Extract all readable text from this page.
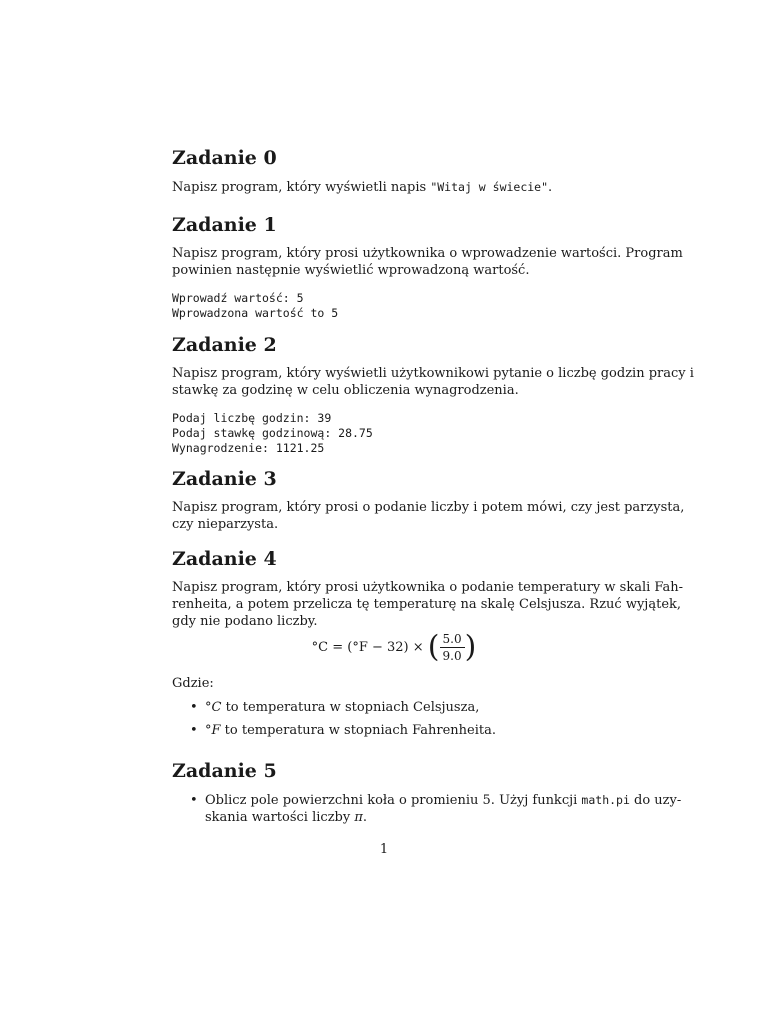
Zadanie 0

Napisz program, który wyświetli napis "Witaj w świecie".

Zadanie 1
Napisz program, który prosi użytkownika o wprowadzenie wartości. Program
powinien następnie wyświetlić wprowadzoną wartość.
Wprowadź wartość: 5
Wprowadzona wartość to 5
Zadanie 2
Napisz program, który wyświetli użytkownikowi pytanie o liczbę godzin pracy i
stawkę za godzinę w celu obliczenia wynagrodzenia.
Podaj liczbę godzin: 39
Podaj stawkę godzinową: 28.75
Wynagrodzenie: 1121.25
Zadanie 3
Napisz program, który prosi o podanie liczby i potem mówi, czy jest parzysta,
czy nieparzysta.
Zadanie 4
Napisz program, który prosi użytkownika o podanie temperatury w skali Fah-
renheita, a potem przelicza tę temperaturę na skalę Celsjusza. Rzuć wyjątek,
gdy nie podano liczby.
°C = (°F − 32) × ( $\frac{5.0}{9.0}$ )
Gdzie:
• °C to temperatura w stopniach Celsjusza,
• °F to temperatura w stopniach Fahrenheita.
Zadanie 5
• Oblicz pole powierzchni koła o promieniu 5. Użyj funkcji math.pi do uzy-
skania wartości liczby π.
1
